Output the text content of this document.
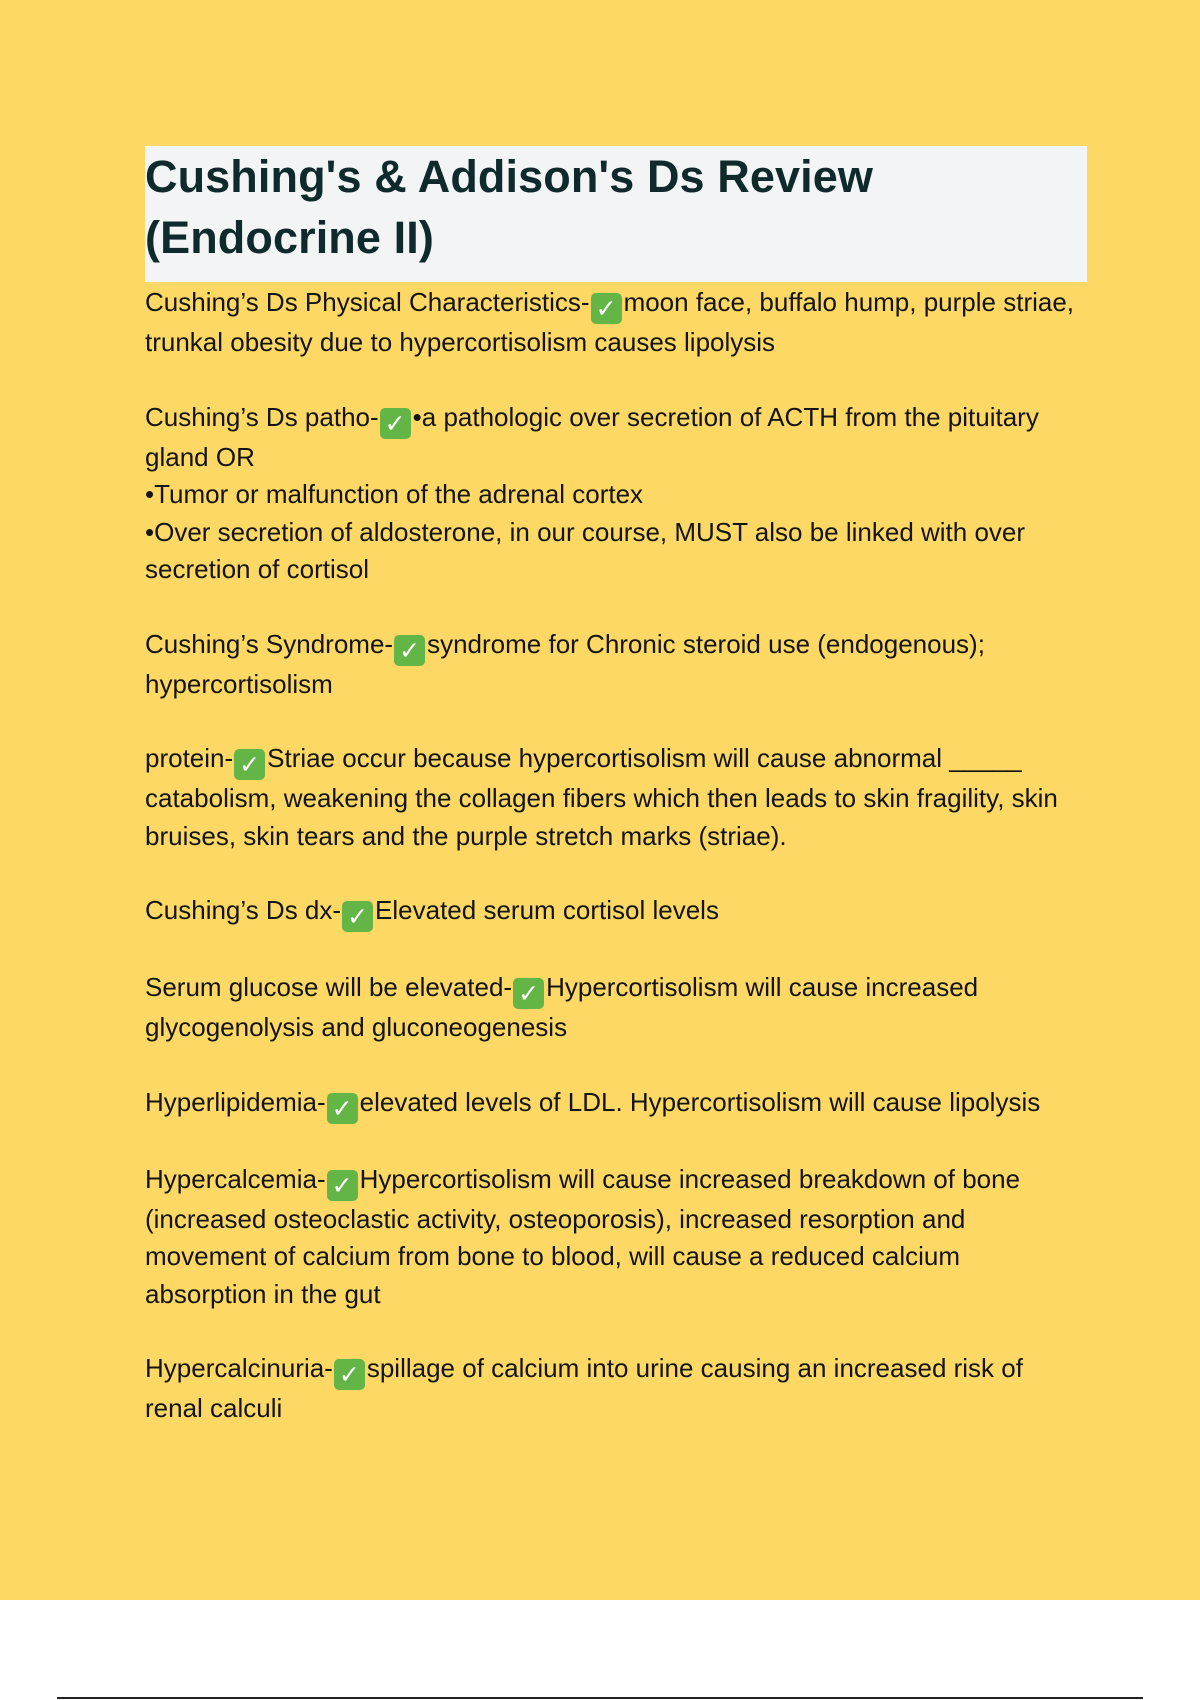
Cushing's & Addison's Ds Review
(Endocrine II)

Cushing’s Ds Physical Characteristics- ✓ moon face, buffalo hump, purple striae, trunkal obesity due to hypercortisolism causes lipolysis

Cushing’s Ds patho- ✓ •a pathologic over secretion of ACTH from the pituitary gland OR
•Tumor or malfunction of the adrenal cortex
•Over secretion of aldosterone, in our course, MUST also be linked with over secretion of cortisol

Cushing’s Syndrome- ✓ syndrome for Chronic steroid use (endogenous); hypercortisolism

protein- ✓ Striae occur because hypercortisolism will cause abnormal _____ catabolism, weakening the collagen fibers which then leads to skin fragility, skin bruises, skin tears and the purple stretch marks (striae).

Cushing’s Ds dx- ✓ Elevated serum cortisol levels

Serum glucose will be elevated- ✓ Hypercortisolism will cause increased glycogenolysis and gluconeogenesis

Hyperlipidemia- ✓ elevated levels of LDL. Hypercortisolism will cause lipolysis

Hypercalcemia- ✓ Hypercortisolism will cause increased breakdown of bone (increased osteoclastic activity, osteoporosis), increased resorption and movement of calcium from bone to blood, will cause a reduced calcium absorption in the gut

Hypercalcinuria- ✓ spillage of calcium into urine causing an increased risk of renal calculi
